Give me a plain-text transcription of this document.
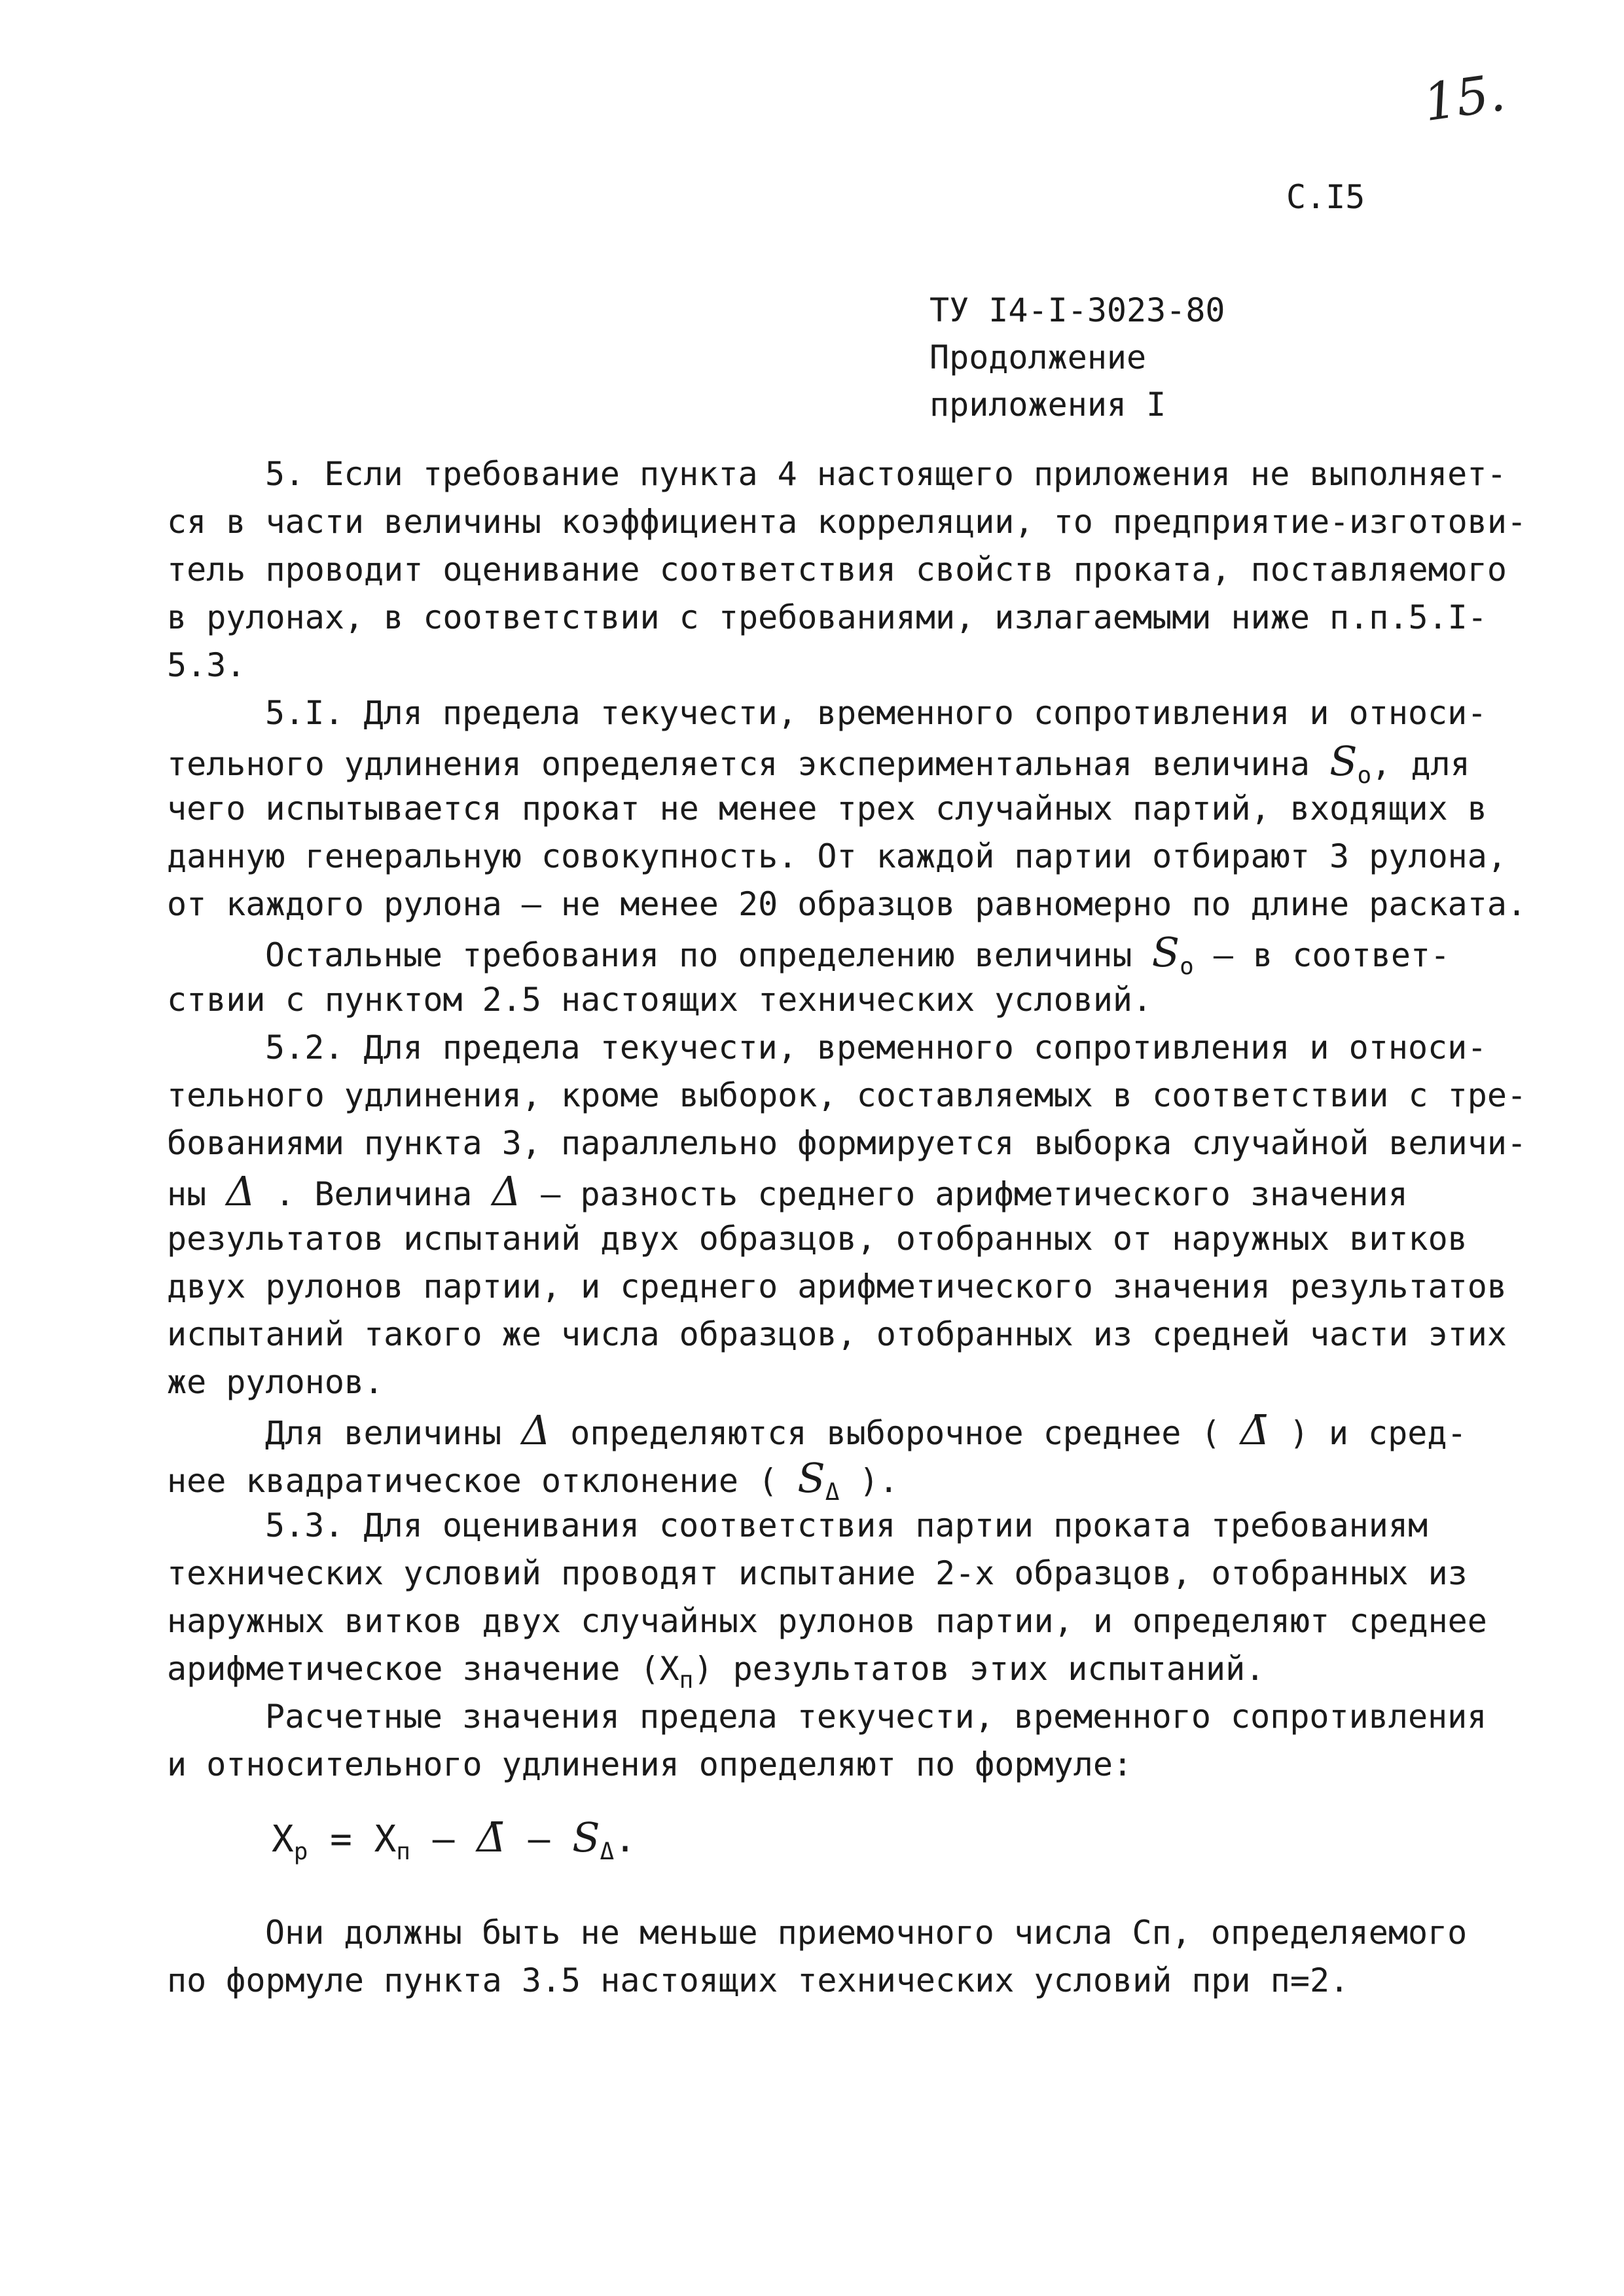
15.
С.І5
ТУ І4-І-3023-80
Продолжение
приложения І
5. Если требование пункта 4 настоящего приложения не выполняет-
ся в части величины коэффициента корреляции, то предприятие-изготови-
тель проводит оценивание соответствия свойств проката, поставляемого
в рулонах, в соответствии с требованиями, излагаемыми ниже п.п.5.І-
5.3.
5.І. Для предела текучести, временного сопротивления и относи-
тельного удлинения определяется экспериментальная величина $S_о$, для
чего испытывается прокат не менее трех случайных партий, входящих в
данную генеральную совокупность. От каждой партии отбирают 3 рулона,
от каждого рулона – не менее 20 образцов равномерно по длине раската.
Остальные требования по определению величины $S_о$ – в соответ-
ствии с пунктом 2.5 настоящих технических условий.
5.2. Для предела текучести, временного сопротивления и относи-
тельного удлинения, кроме выборок, составляемых в соответствии с тре-
бованиями пункта 3, параллельно формируется выборка случайной величи-
ны Δ . Величина Δ – разность среднего арифметического значения
результатов испытаний двух образцов, отобранных от наружных витков
двух рулонов партии, и среднего арифметического значения результатов
испытаний такого же числа образцов, отобранных из средней части этих
же рулонов.
Для величины Δ определяются выборочное среднее ( Δ̄ ) и сред-
нее квадратическое отклонение ( $S_\Delta$ ).
5.3. Для оценивания соответствия партии проката требованиям
технических условий проводят испытание 2-х образцов, отобранных из
наружных витков двух случайных рулонов партии, и определяют среднее
арифметическое значение $(X_п)$ результатов этих испытаний.
Расчетные значения предела текучести, временного сопротивления
и относительного удлинения определяют по формуле:
$X_р = X_п$ – Δ̄ – $S_\Delta$.
Они должны быть не меньше приемочного числа Сп, определяемого
по формуле пункта 3.5 настоящих технических условий при п=2.
